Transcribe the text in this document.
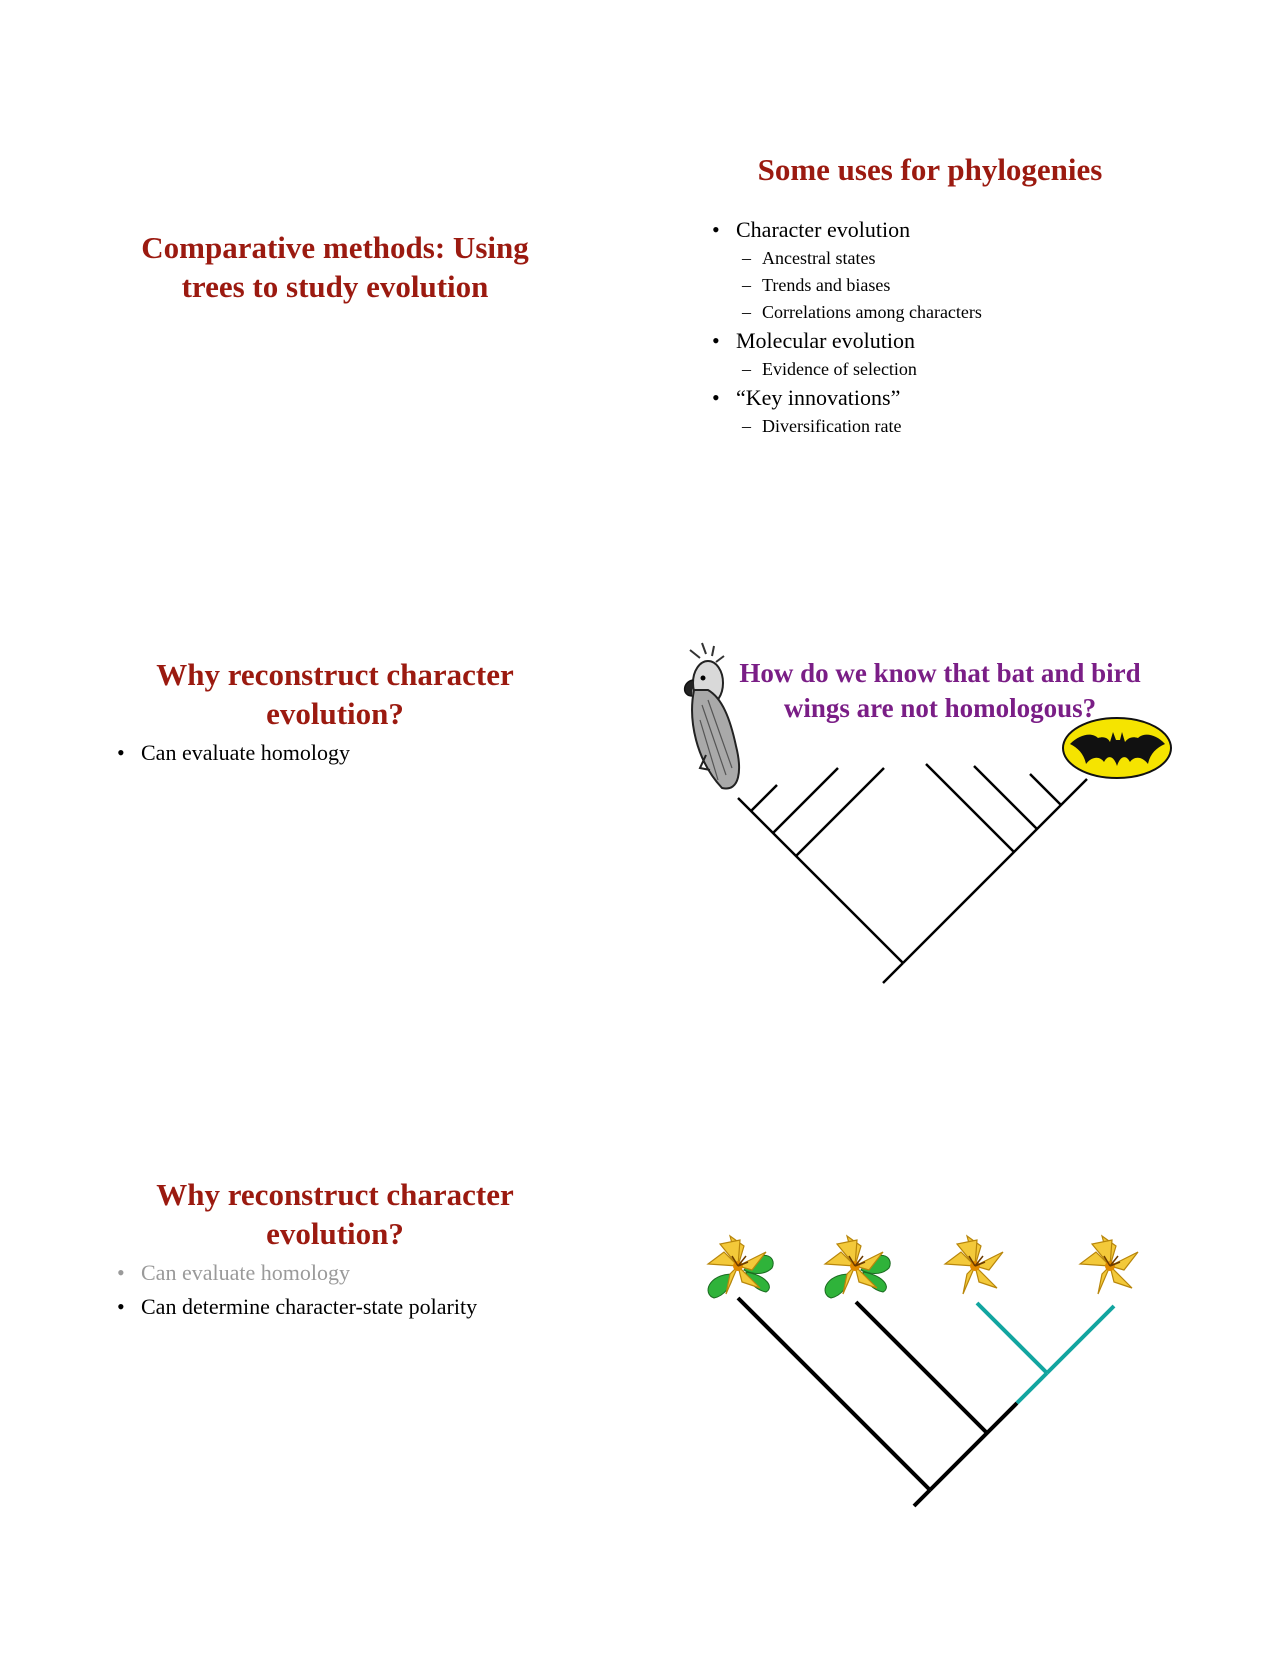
Comparative methods: Using
trees to study evolution
Some uses for phylogenies
• Character evolution
– Ancestral states
– Trends and biases
– Correlations among characters
• Molecular evolution
– Evidence of selection
• “Key innovations”
– Diversification rate
Why reconstruct character
evolution?
• Can evaluate homology
How do we know that bat and bird
wings are not homologous?
Why reconstruct character
evolution?
• Can evaluate homology
• Can determine character-state polarity
